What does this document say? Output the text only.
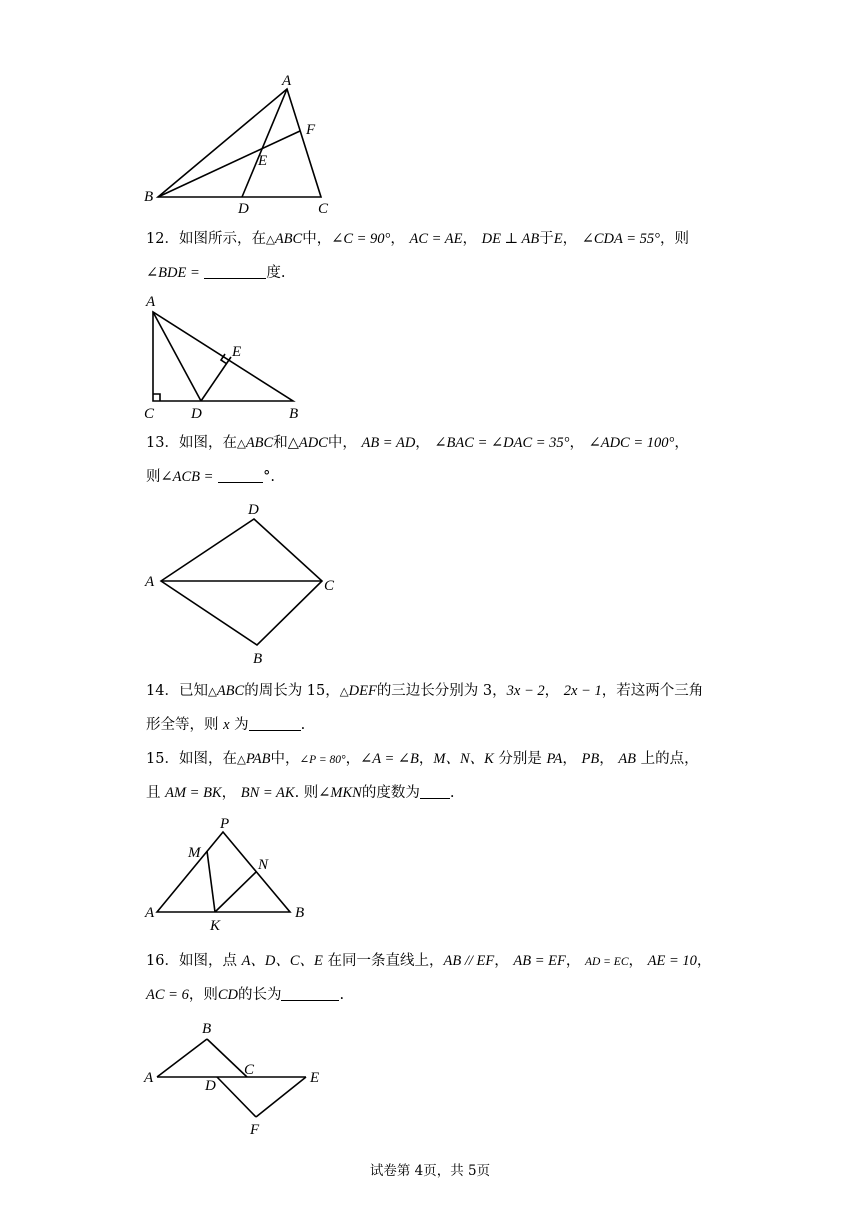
A
F
E
B
D	C
12．如图所示，在△ABC中，∠C = 90°， AC = AE， DE ⊥ AB于E， ∠CDA = 55°，则
∠BDE =	度.
A
E
C D	B
13．如图，在△ABC和△ADC中， AB = AD， ∠BAC = ∠DAC = 35°， ∠ADC = 100°，
则∠ACB =	°.
D
A	C
B
14．已知△ABC的周长为 15，△DEF的三边长分别为 3，3x − 2， 2x − 1，若这两个三角
形全等，则 x 为	.
15．如图，在△PAB中，∠P = 80°，∠A = ∠B，M、N、K 分别是 PA， PB， AB 上的点，
且 AM = BK， BN = AK. 则∠MKN的度数为 .
P
M
N
A
K
B
16．如图，点 A、D、C、E 在同一条直线上，AB // EF， AB = EF， AD = EC， AE = 10，
AC = 6，则CD的长为	.
B
A	C
D	E
F
试卷第 4页，共 5页
